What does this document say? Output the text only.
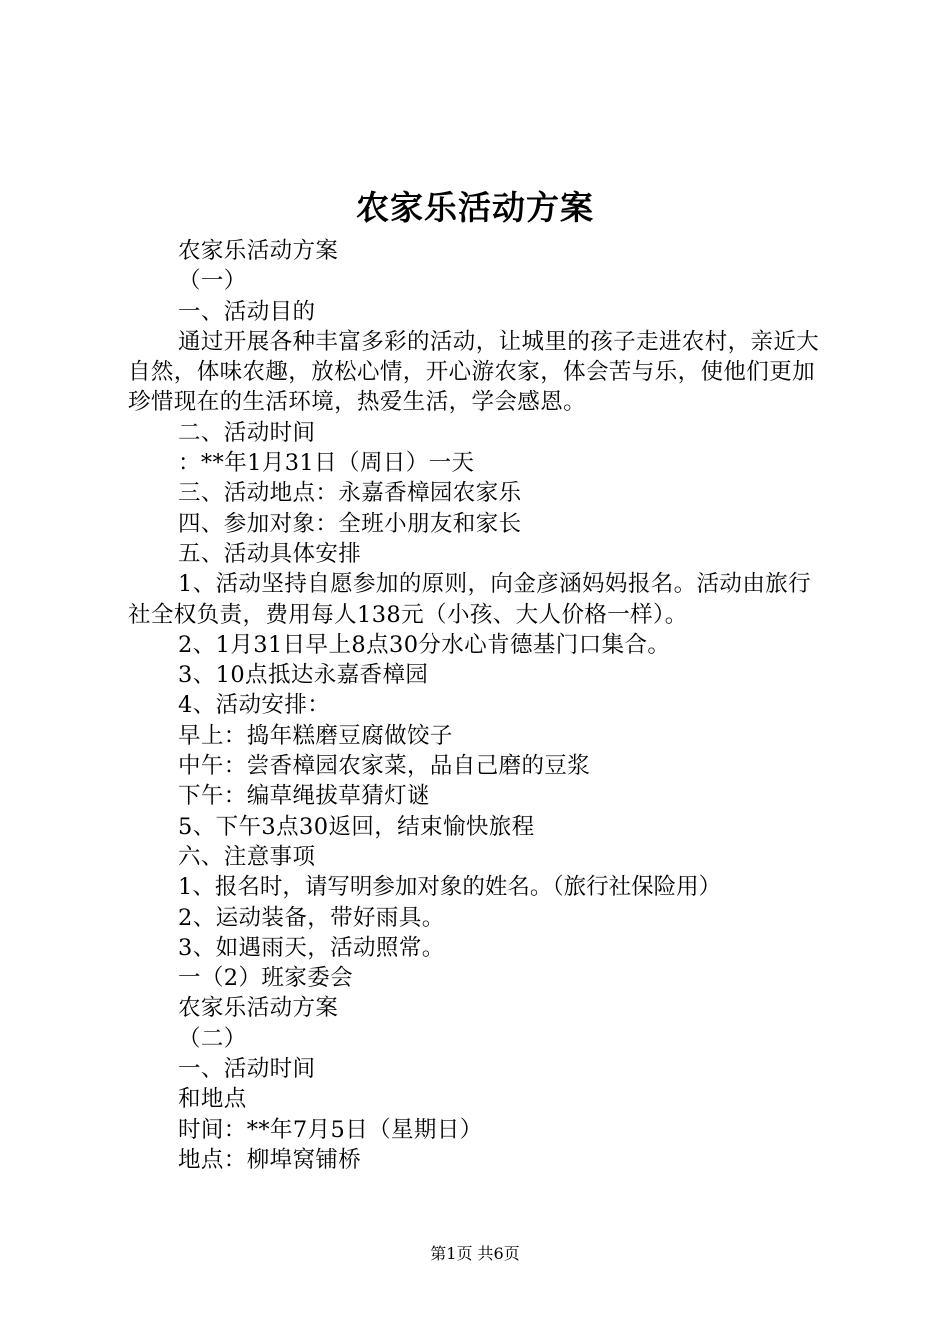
农家乐活动方案

农家乐活动方案

（一）

一、活动目的

通过开展各种丰富多彩的活动，让城里的孩子走进农村，亲近大自然，体味农趣，放松心情，开心游农家，体会苦与乐，使他们更加珍惜现在的生活环境，热爱生活，学会感恩。

二、活动时间

：**年1月31日（周日）一天

三、活动地点：永嘉香樟园农家乐

四、参加对象：全班小朋友和家长

五、活动具体安排

1、活动坚持自愿参加的原则，向金彦涵妈妈报名。活动由旅行社全权负责，费用每人138元（小孩、大人价格一样）。

2、1月31日早上8点30分水心肯德基门口集合。

3、10点抵达永嘉香樟园

4、活动安排：

早上：捣年糕磨豆腐做饺子

中午：尝香樟园农家菜，品自己磨的豆浆

下午：编草绳拔草猜灯谜

5、下午3点30返回，结束愉快旅程

六、注意事项

1、报名时，请写明参加对象的姓名。（旅行社保险用）

2、运动装备，带好雨具。

3、如遇雨天，活动照常。

一（2）班家委会

农家乐活动方案

（二）

一、活动时间

和地点

时间：**年7月5日（星期日）

地点：柳埠窝铺桥

第1页 共6页
